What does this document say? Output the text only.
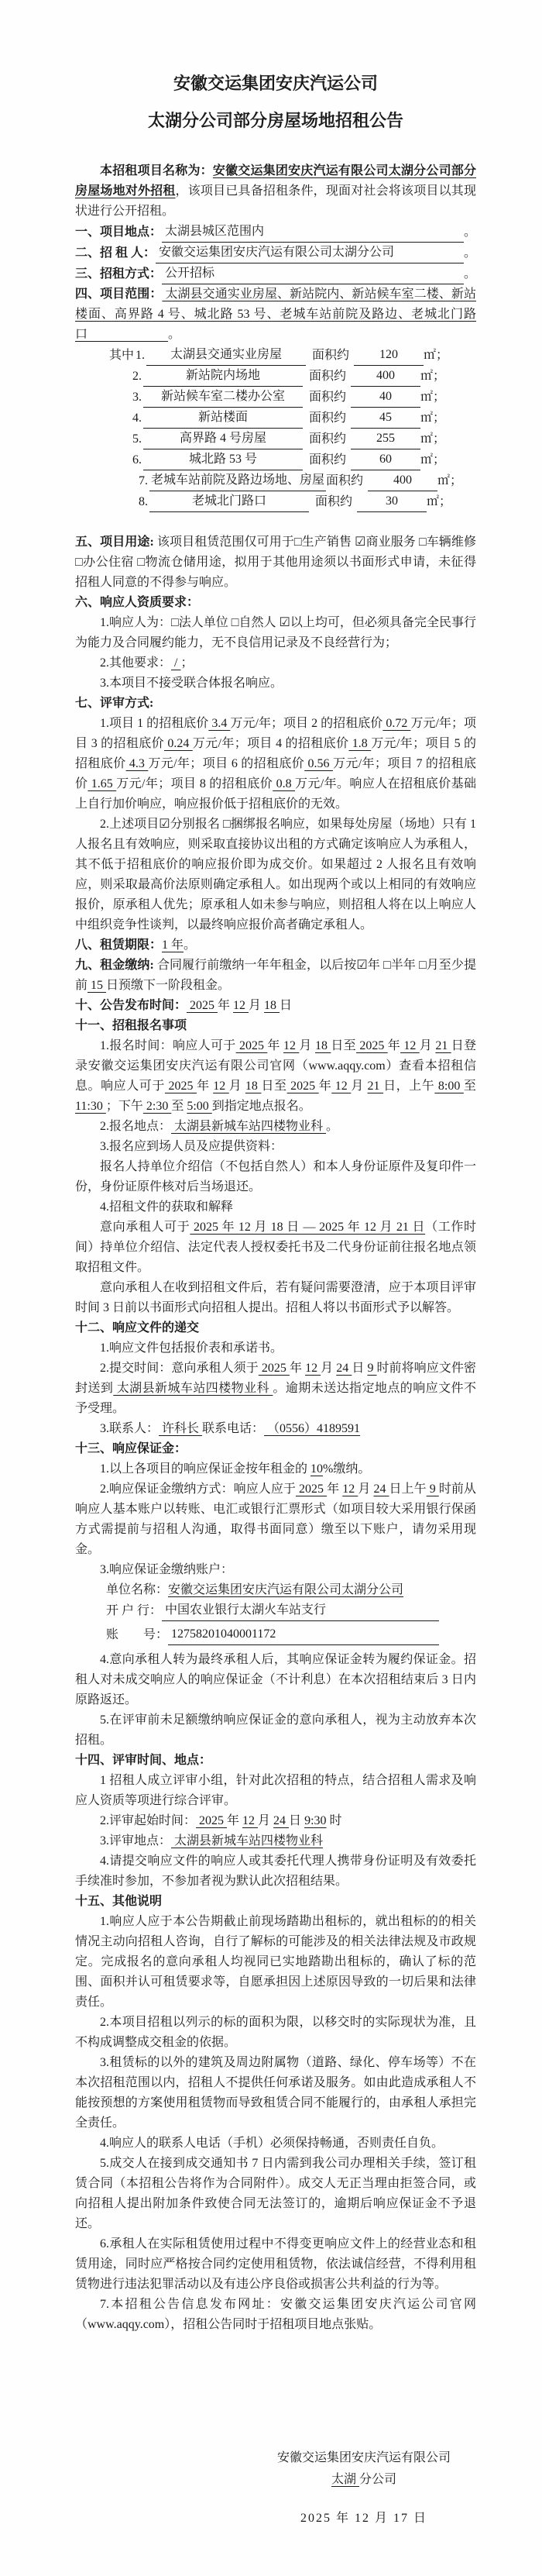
安徽交运集团安庆汽运公司
太湖分公司部分房屋场地招租公告

本招租项目名称为：安徽交运集团安庆汽运有限公司太湖分公司部分房屋场地对外招租，该项目已具备招租条件，现面对社会将该项目以其现状进行公开招租。

一、项目地点： 太湖县城区范围内	。
二、招 租 人： 安徽交运集团安庆汽运有限公司太湖分公司	。
三、招租方式： 公开招标	。

四、项目范围： 太湖县交通实业房屋、新站院内、新站候车室二楼、新站楼面、高界路 4 号、城北路 53 号、老城车站前院及路边、老城北门路口	。

其中 1.	太湖县交通实业房屋	面积约	120	㎡；
2.	新站院内场地	面积约	400	㎡；
3.	新站候车室二楼办公室	面积约	40	㎡；
4.	新站楼面	面积约	45	㎡；
5.	高界路 4 号房屋	面积约	255	㎡；
6.	城北路 53 号	面积约	60	㎡；
7. 老城车站前院及路边场地、房屋 面积约	400	㎡；
8.	老城北门路口	面积约	30	㎡；

五、项目用途: 该项目租赁范围仅可用于□生产销售 ☑商业服务 □车辆维修 □办公住宿 □物流仓储用途，拟用于其他用途须以书面形式申请，未征得招租人同意的不得参与响应。

六、响应人资质要求：

1.响应人为：□法人单位 □自然人 ☑以上均可，但必须具备完全民事行为能力及合同履约能力，无不良信用记录及不良经营行为；

2.其他要求： / ；

3.本项目不接受联合体报名响应。

七、评审方式:

1.项目 1 的招租底价 3.4 万元/年；项目 2 的招租底价 0.72 万元/年；项目 3 的招租底价 0.24 万元/年；项目 4 的招租底价 1.8 万元/年；项目 5 的招租底价 4.3 万元/年；项目 6 的招租底价 0.56 万元/年；项目 7 的招租底价 1.65 万元/年；项目 8 的招租底价 0.8 万元/年。响应人在招租底价基础上自行加价响应，响应报价低于招租底价的无效。

2.上述项目☑分别报名 □捆绑报名响应，如果每处房屋（场地）只有 1 人报名且有效响应，则采取直接协议出租的方式确定该响应人为承租人，其不低于招租底价的响应报价即为成交价。如果超过 2 人报名且有效响应，则采取最高价法原则确定承租人。如出现两个或以上相同的有效响应报价，原承租人优先；原承租人如未参与响应，则招租人将在以上响应人中组织竞争性谈判，以最终响应报价高者确定承租人。

八、租赁期限： 1 年 。

九、租金缴纳: 合同履行前缴纳一年年租金，以后按☑年 □半年 □月至少提前 15 日预缴下一阶段租金。

十、公告发布时间： 2025 年 12 月 18 日

十一、招租报名事项

1.报名时间：响应人可于 2025 年 12 月 18 日至 2025 年 12 月 21 日登录安徽交运集团安庆汽运有限公司官网（www.aqqy.com）查看本招租信息。响应人可于 2025 年 12 月 18 日至 2025 年 12 月 21 日，上午 8:00 至 11:30 ；下午 2:30 至 5:00 到指定地点报名。

2.报名地点： 太湖县新城车站四楼物业科 。

3.报名应到场人员及应提供资料：

报名人持单位介绍信（不包括自然人）和本人身份证原件及复印件一份，身份证原件核对后当场退还。

4.招租文件的获取和解释

意向承租人可于 2025 年 12 月 18 日 — 2025 年 12 月 21 日（工作时间）持单位介绍信、法定代表人授权委托书及二代身份证前往报名地点领取招租文件。

意向承租人在收到招租文件后，若有疑问需要澄清，应于本项目评审时间 3 日前以书面形式向招租人提出。招租人将以书面形式予以解答。

十二、响应文件的递交

1.响应文件包括报价表和承诺书。

2.提交时间：意向承租人须于 2025 年 12 月 24 日 9 时前将响应文件密封送到 太湖县新城车站四楼物业科 。逾期未送达指定地点的响应文件不予受理。

3.联系人： 许科长 联系电话： （0556）4189591

十三、响应保证金：

1.以上各项目的响应保证金按年租金的 10%缴纳。

2.响应保证金缴纳方式：响应人应于 2025 年 12 月 24 日上午 9 时前从响应人基本账户以转账、电汇或银行汇票形式（如项目较大采用银行保函方式需提前与招租人沟通，取得书面同意）缴至以下账户，请勿采用现金。

3.响应保证金缴纳账户：

单位名称： 安徽交运集团安庆汽运有限公司太湖分公司
开 户 行： 中国农业银行太湖火车站支行
账　　号： 12758201040001172

4.意向承租人转为最终承租人后，其响应保证金转为履约保证金。招租人对未成交响应人的响应保证金（不计利息）在本次招租结束后 3 日内原路返还。

5.在评审前未足额缴纳响应保证金的意向承租人，视为主动放弃本次招租。

十四、评审时间、地点：

1 招租人成立评审小组，针对此次招租的特点，结合招租人需求及响应人资质等项进行综合评审。

2.评审起始时间： 2025 年 12 月 24 日 9:30 时

3.评审地点： 太湖县新城车站四楼物业科

4.请提交响应文件的响应人或其委托代理人携带身份证明及有效委托手续准时参加，不参加者视为默认此次招租结果。

十五、其他说明

1.响应人应于本公告期截止前现场踏勘出租标的，就出租标的的相关情况主动向招租人咨询，自行了解标的可能涉及的相关法律法规及市政规定。完成报名的意向承租人均视同已实地踏勘出租标的，确认了标的范围、面积并认可租赁要求等，自愿承担因上述原因导致的一切后果和法律责任。

2.本项目招租以列示的标的面积为限，以移交时的实际现状为准，且不构成调整成交租金的依据。

3.租赁标的以外的建筑及周边附属物（道路、绿化、停车场等）不在本次招租范围以内，招租人不提供任何承诺及服务。如由此造成承租人不能按预想的方案使用租赁物而导致租赁合同不能履行的，由承租人承担完全责任。

4.响应人的联系人电话（手机）必须保持畅通，否则责任自负。

5.成交人在接到成交通知书 7 日内需到我公司办理相关手续，签订租赁合同（本招租公告将作为合同附件）。成交人无正当理由拒签合同，或向招租人提出附加条件致使合同无法签订的，逾期后响应保证金不予退还。

6.承租人在实际租赁使用过程中不得变更响应文件上的经营业态和租赁用途，同时应严格按合同约定使用租赁物，依法诚信经营，不得利用租赁物进行违法犯罪活动以及有违公序良俗或损害公共利益的行为等。

7.本招租公告信息发布网址：安徽交运集团安庆汽运公司官网（www.aqqy.com），招租公告同时于招租项目地点张贴。

安徽交运集团安庆汽运有限公司
太湖 分公司
2025 年 12 月 17 日
